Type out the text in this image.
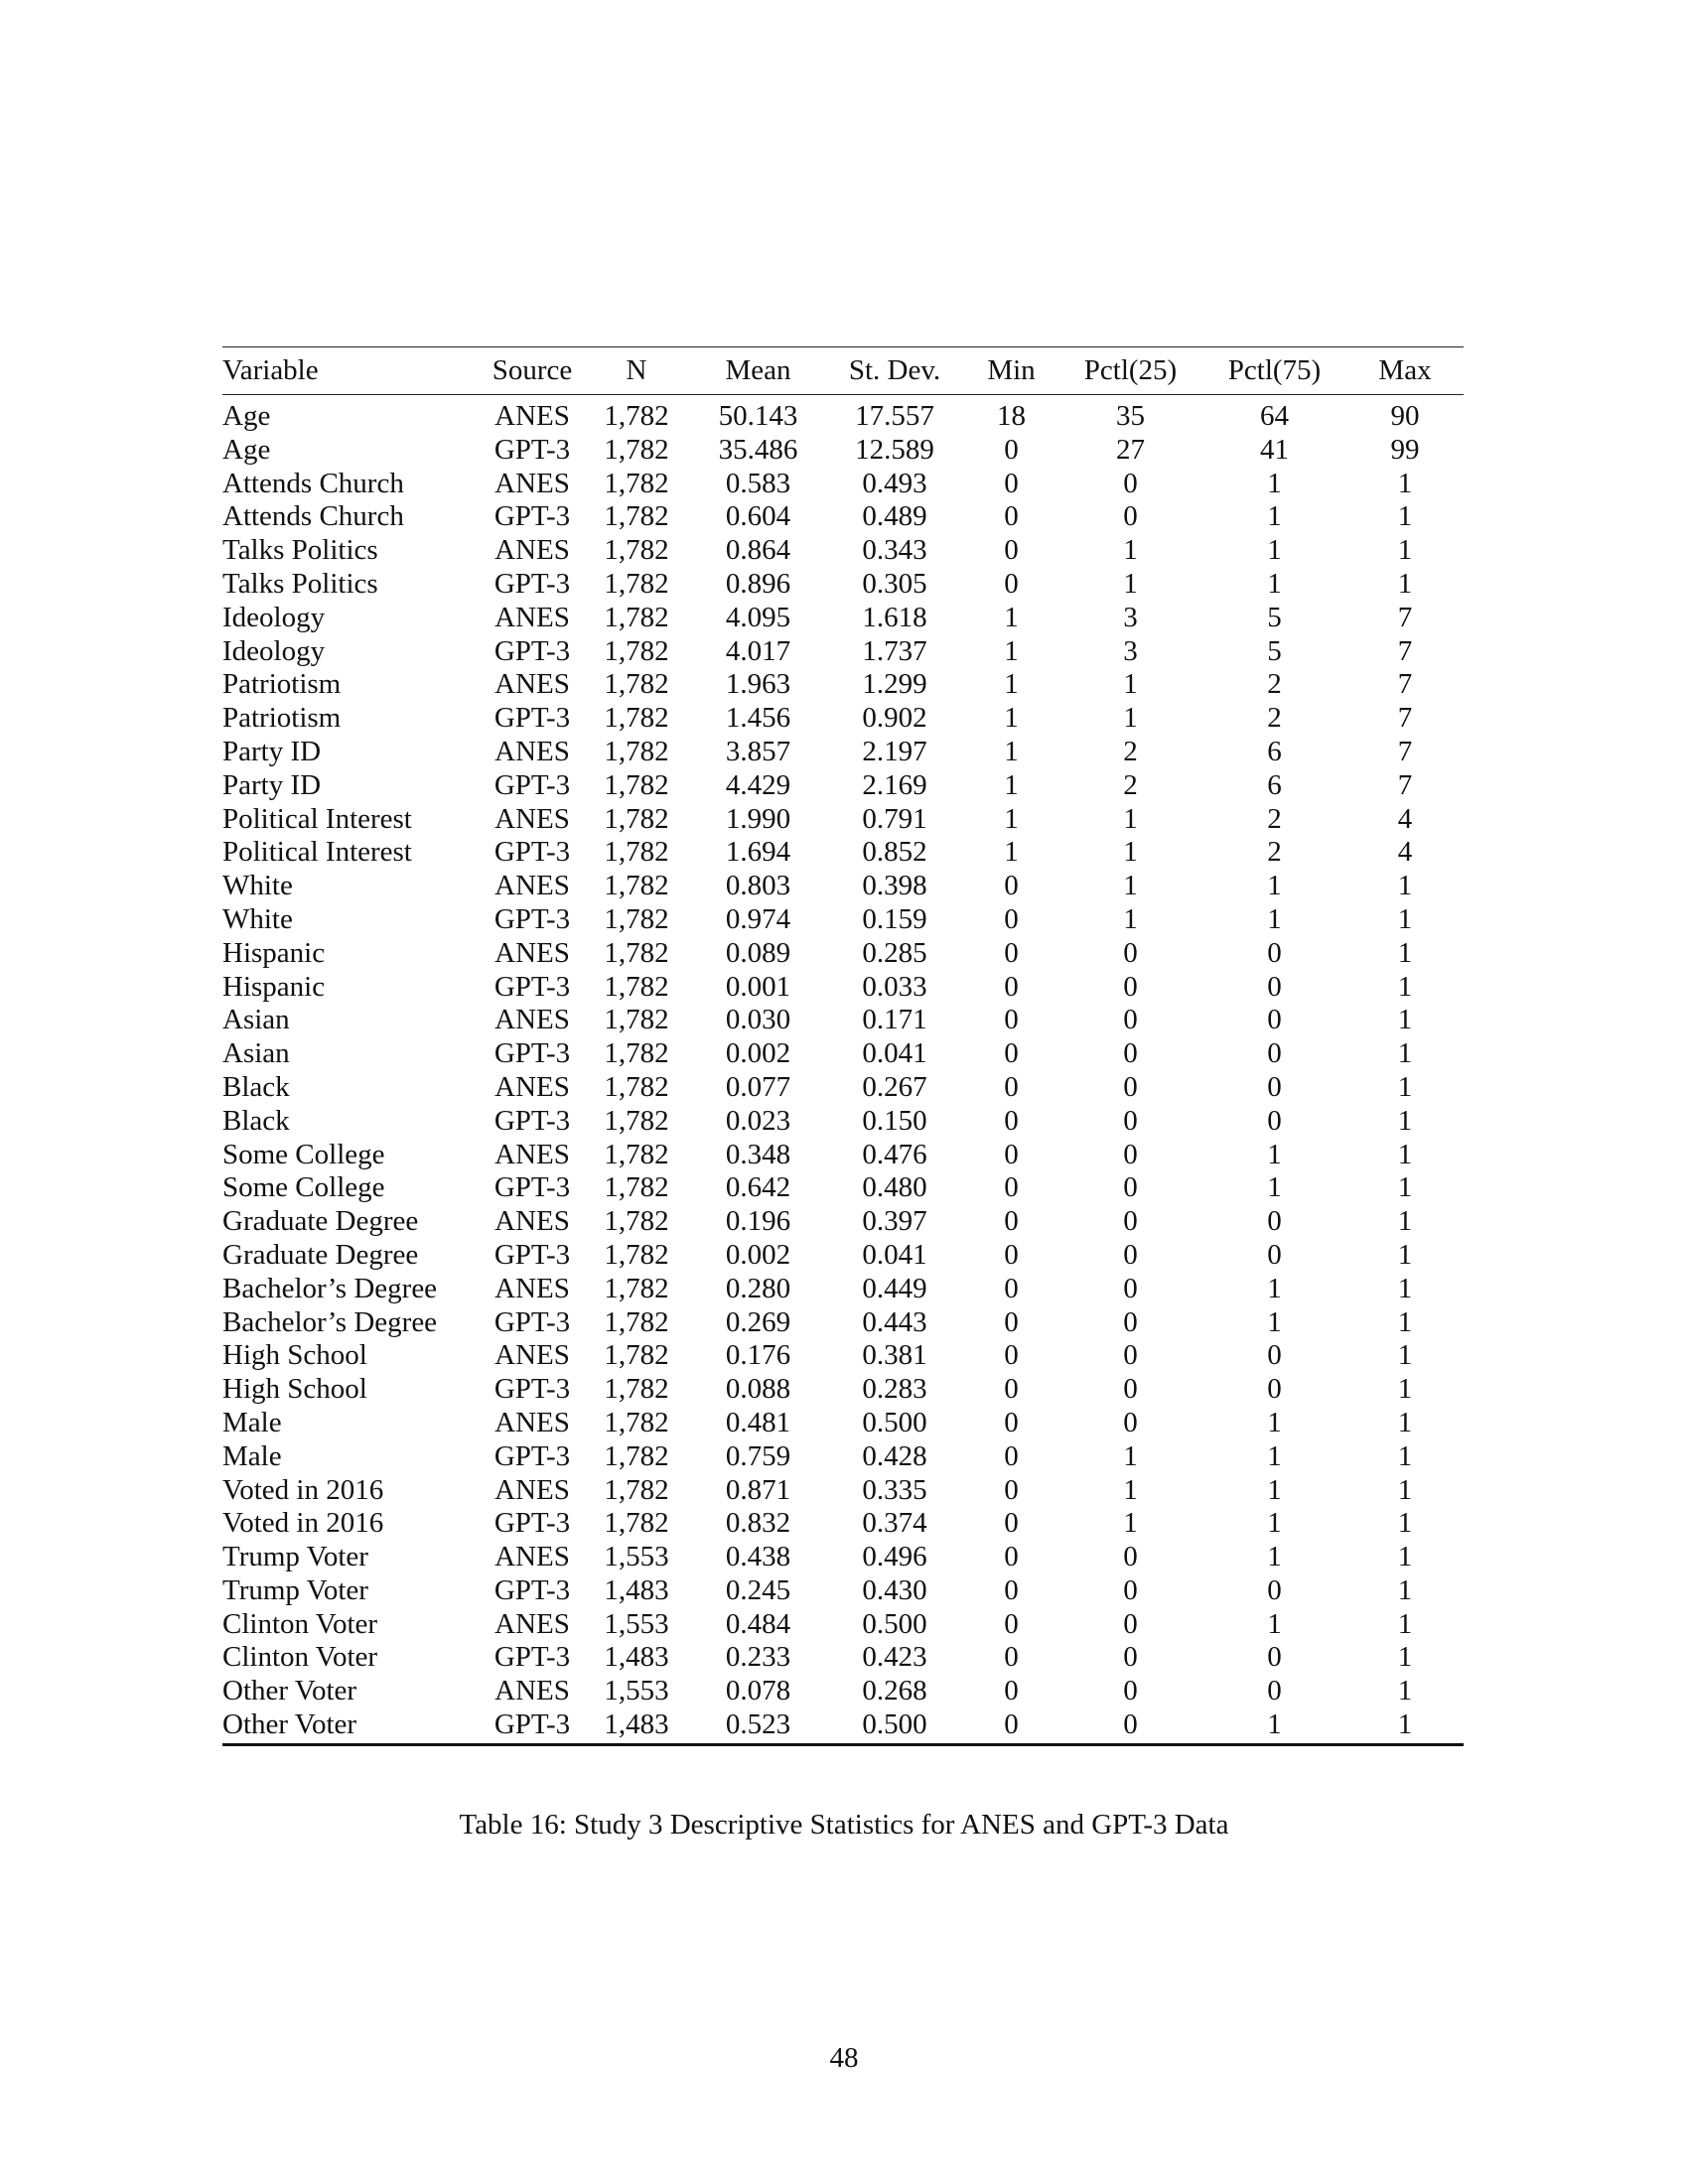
Variable	Source	N	Mean	St. Dev.	Min	Pctl(25)	Pctl(75)	Max
Age	ANES	1,782	50.143	17.557	18	35	64	90
Age	GPT-3	1,782	35.486	12.589	0	27	41	99
Attends Church	ANES	1,782	0.583	0.493	0	0	1	1
Attends Church	GPT-3	1,782	0.604	0.489	0	0	1	1
Talks Politics	ANES	1,782	0.864	0.343	0	1	1	1
Talks Politics	GPT-3	1,782	0.896	0.305	0	1	1	1
Ideology	ANES	1,782	4.095	1.618	1	3	5	7
Ideology	GPT-3	1,782	4.017	1.737	1	3	5	7
Patriotism	ANES	1,782	1.963	1.299	1	1	2	7
Patriotism	GPT-3	1,782	1.456	0.902	1	1	2	7
Party ID	ANES	1,782	3.857	2.197	1	2	6	7
Party ID	GPT-3	1,782	4.429	2.169	1	2	6	7
Political Interest	ANES	1,782	1.990	0.791	1	1	2	4
Political Interest	GPT-3	1,782	1.694	0.852	1	1	2	4
White	ANES	1,782	0.803	0.398	0	1	1	1
White	GPT-3	1,782	0.974	0.159	0	1	1	1
Hispanic	ANES	1,782	0.089	0.285	0	0	0	1
Hispanic	GPT-3	1,782	0.001	0.033	0	0	0	1
Asian	ANES	1,782	0.030	0.171	0	0	0	1
Asian	GPT-3	1,782	0.002	0.041	0	0	0	1
Black	ANES	1,782	0.077	0.267	0	0	0	1
Black	GPT-3	1,782	0.023	0.150	0	0	0	1
Some College	ANES	1,782	0.348	0.476	0	0	1	1
Some College	GPT-3	1,782	0.642	0.480	0	0	1	1
Graduate Degree	ANES	1,782	0.196	0.397	0	0	0	1
Graduate Degree	GPT-3	1,782	0.002	0.041	0	0	0	1
Bachelor’s Degree	ANES	1,782	0.280	0.449	0	0	1	1
Bachelor’s Degree	GPT-3	1,782	0.269	0.443	0	0	1	1
High School	ANES	1,782	0.176	0.381	0	0	0	1
High School	GPT-3	1,782	0.088	0.283	0	0	0	1
Male	ANES	1,782	0.481	0.500	0	0	1	1
Male	GPT-3	1,782	0.759	0.428	0	1	1	1
Voted in 2016	ANES	1,782	0.871	0.335	0	1	1	1
Voted in 2016	GPT-3	1,782	0.832	0.374	0	1	1	1
Trump Voter	ANES	1,553	0.438	0.496	0	0	1	1
Trump Voter	GPT-3	1,483	0.245	0.430	0	0	0	1
Clinton Voter	ANES	1,553	0.484	0.500	0	0	1	1
Clinton Voter	GPT-3	1,483	0.233	0.423	0	0	0	1
Other Voter	ANES	1,553	0.078	0.268	0	0	0	1
Other Voter	GPT-3	1,483	0.523	0.500	0	0	1	1
Table 16: Study 3 Descriptive Statistics for ANES and GPT-3 Data
48
